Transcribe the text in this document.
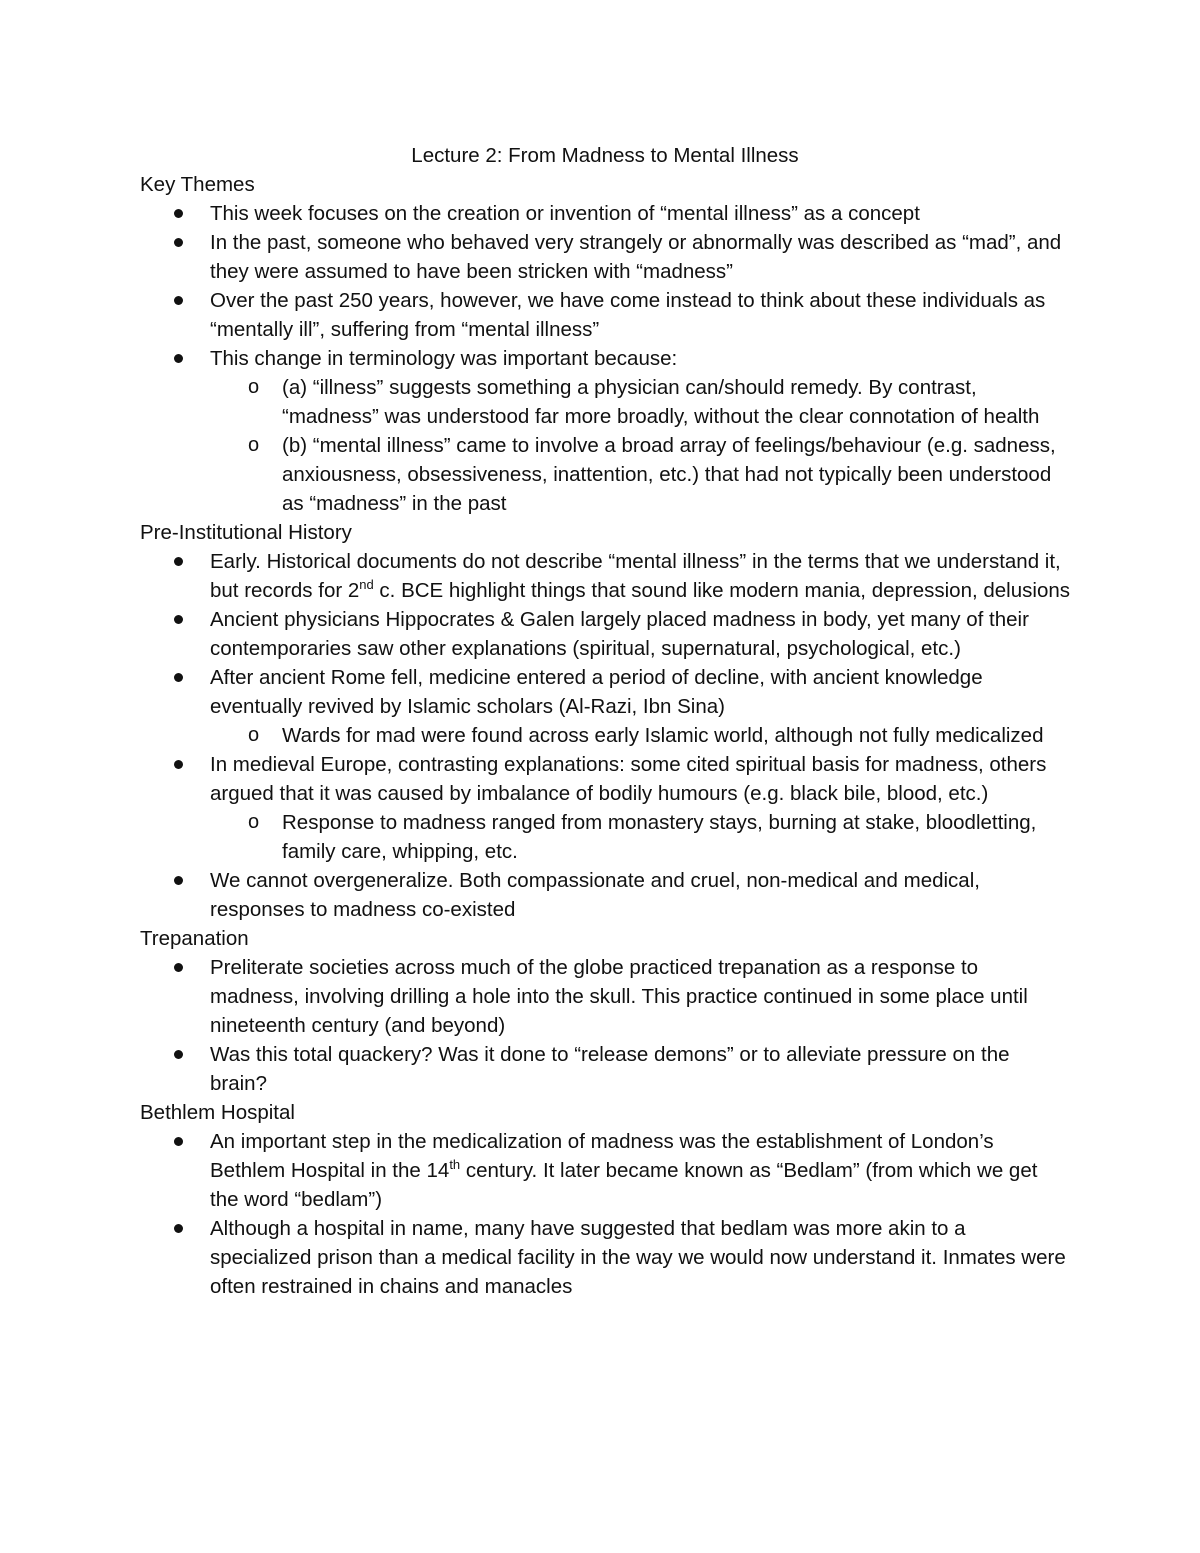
Lecture 2: From Madness to Mental Illness
Key Themes
This week focuses on the creation or invention of “mental illness” as a concept
In the past, someone who behaved very strangely or abnormally was described as “mad”, and they were assumed to have been stricken with “madness”
Over the past 250 years, however, we have come instead to think about these individuals as “mentally ill”, suffering from “mental illness”
This change in terminology was important because:
o (a) “illness” suggests something a physician can/should remedy. By contrast, “madness” was understood far more broadly, without the clear connotation of health
o (b) “mental illness” came to involve a broad array of feelings/behaviour (e.g. sadness, anxiousness, obsessiveness, inattention, etc.) that had not typically been understood as “madness” in the past
Pre-Institutional History
Early. Historical documents do not describe “mental illness” in the terms that we understand it, but records for 2nd c. BCE highlight things that sound like modern mania, depression, delusions
Ancient physicians Hippocrates & Galen largely placed madness in body, yet many of their contemporaries saw other explanations (spiritual, supernatural, psychological, etc.)
After ancient Rome fell, medicine entered a period of decline, with ancient knowledge eventually revived by Islamic scholars (Al-Razi, Ibn Sina)
o Wards for mad were found across early Islamic world, although not fully medicalized
In medieval Europe, contrasting explanations: some cited spiritual basis for madness, others argued that it was caused by imbalance of bodily humours (e.g. black bile, blood, etc.)
o Response to madness ranged from monastery stays, burning at stake, bloodletting, family care, whipping, etc.
We cannot overgeneralize. Both compassionate and cruel, non-medical and medical, responses to madness co-existed
Trepanation
Preliterate societies across much of the globe practiced trepanation as a response to madness, involving drilling a hole into the skull. This practice continued in some place until nineteenth century (and beyond)
Was this total quackery? Was it done to “release demons” or to alleviate pressure on the brain?
Bethlem Hospital
An important step in the medicalization of madness was the establishment of London’s Bethlem Hospital in the 14th century. It later became known as “Bedlam” (from which we get the word “bedlam”)
Although a hospital in name, many have suggested that bedlam was more akin to a specialized prison than a medical facility in the way we would now understand it. Inmates were often restrained in chains and manacles
